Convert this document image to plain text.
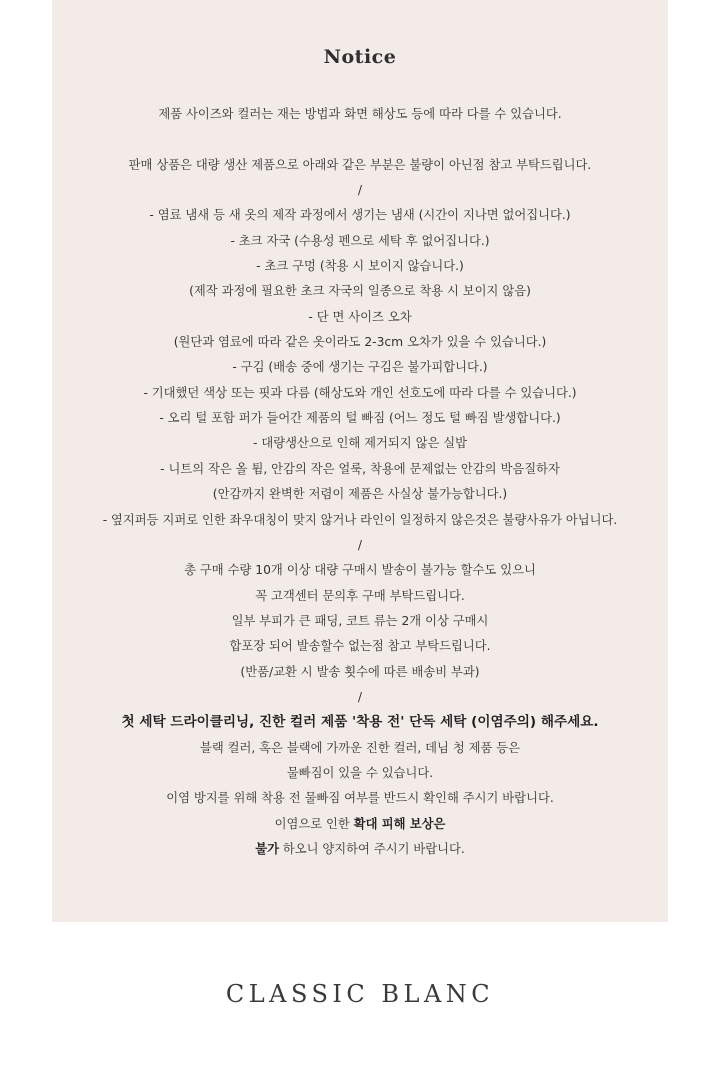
Notice
제품 사이즈와 컬러는 재는 방법과 화면 해상도 등에 따라 다를 수 있습니다.
판매 상품은 대량 생산 제품으로 아래와 같은 부분은 불량이 아닌점 참고 부탁드립니다.
/
- 염료 냄새 등 새 옷의 제작 과정에서 생기는 냄새 (시간이 지나면 없어집니다.)
- 초크 자국 (수용성 펜으로 세탁 후 없어집니다.)
- 초크 구멍 (착용 시 보이지 않습니다.)
(제작 과정에 필요한 초크 자국의 일종으로 착용 시 보이지 않음)
- 단 면 사이즈 오차
(원단과 염료에 따라 같은 옷이라도 2-3cm 오차가 있을 수 있습니다.)
- 구김 (배송 중에 생기는 구김은 불가피합니다.)
- 기대했던 색상 또는 핏과 다름 (해상도와 개인 선호도에 따라 다를 수 있습니다.)
- 오리 털 포함 퍼가 들어간 제품의 털 빠짐 (어느 정도 털 빠짐 발생합니다.)
- 대량생산으로 인해 제거되지 않은 실밥
- 니트의 작은 올 튐, 안감의 작은 얼룩, 착용에 문제없는 안감의 박음질하자
(안감까지 완벽한 저렴이 제품은 사실상 불가능합니다.)
- 옆지퍼등 지퍼로 인한 좌우대칭이 맞지 않거나 라인이 일정하지 않은것은 불량사유가 아닙니다.
/
총 구매 수량 10개 이상 대량 구매시 발송이 불가능 할수도 있으니
꼭 고객센터 문의후 구매 부탁드립니다.
일부 부피가 큰 패딩, 코트 류는 2개 이상 구매시
합포장 되어 발송할수 없는점 참고 부탁드립니다.
(반품/교환 시 발송 횟수에 따른 배송비 부과)
/
첫 세탁 드라이클리닝, 진한 컬러 제품 '착용 전' 단독 세탁 (이염주의) 해주세요.
블랙 컬러, 혹은 블랙에 가까운 진한 컬러, 데님 청 제품 등은
물빠짐이 있을 수 있습니다.
이염 방지를 위해 착용 전 물빠짐 여부를 반드시 확인해 주시기 바랍니다.
이염으로 인한 확대 피해 보상은
불가 하오니 양지하여 주시기 바랍니다.
CLASSIC BLANC
